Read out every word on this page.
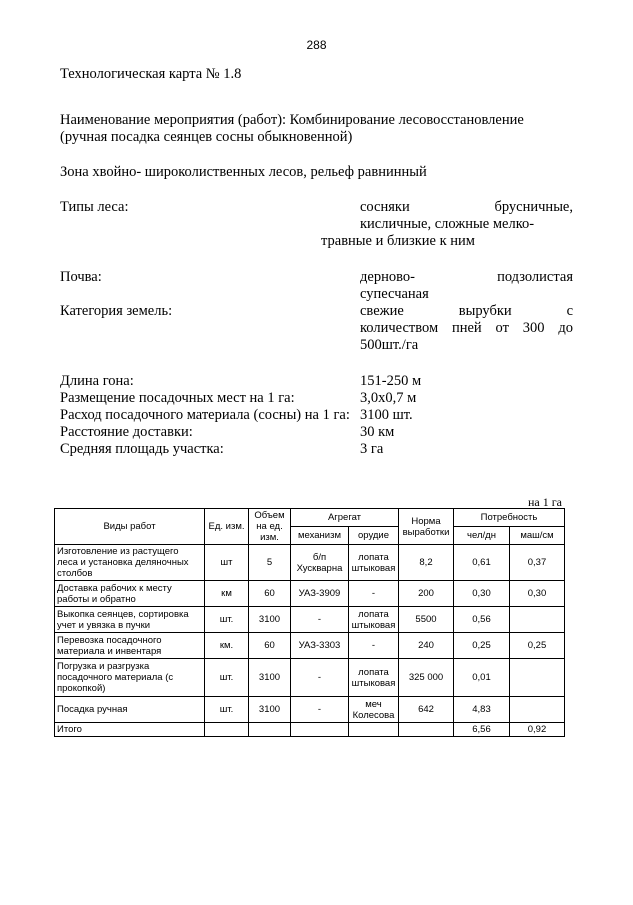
288
Технологическая карта № 1.8
Наименование мероприятия (работ): Комбинирование лесовосстановление
(ручная посадка сеянцев сосны обыкновенной)
Зона хвойно- широколиственных лесов, рельеф равнинный
Типы леса:	сосняки брусничные,
кисличные, сложные мелко-
травные и близкие к ним
Почва:	дерново- подзолистая
супесчаная
Категория земель:	свежие вырубки с
количеством пней от 300 до
500шт./га
Длина гона:	151-250 м
Размещение посадочных мест на 1 га:	3,0х0,7 м
Расход посадочного материала (сосны) на 1 га: 3100 шт.
Расстояние доставки:	30 км
Средняя площадь участка:	3 га
на 1 га
Виды работ	Ед. изм.	Объем на ед. изм.	Агрегат		Норма выработки	Потребность	
			механизм	орудие		чел/дн	маш/см
Изготовление из растущего леса и установка деляночных столбов	шт	5	б/п Хускварна	лопата штыковая	8,2	0,61	0,37
Доставка рабочих к месту работы и обратно	км	60	УАЗ-3909	-	200	0,30	0,30
Выкопка сеянцев, сортировка учет и увязка в пучки	шт.	3100	-	лопата штыковая	5500	0,56	
Перевозка посадочного материала и инвентаря	км.	60	УАЗ-3303	-	240	0,25	0,25
Погрузка и разгрузка посадочного материала (с прокопкой)	шт.	3100	-	лопата штыковая	325 000	0,01	
Посадка ручная	шт.	3100	-	меч Колесова	642	4,83	
Итого						6,56	0,92
